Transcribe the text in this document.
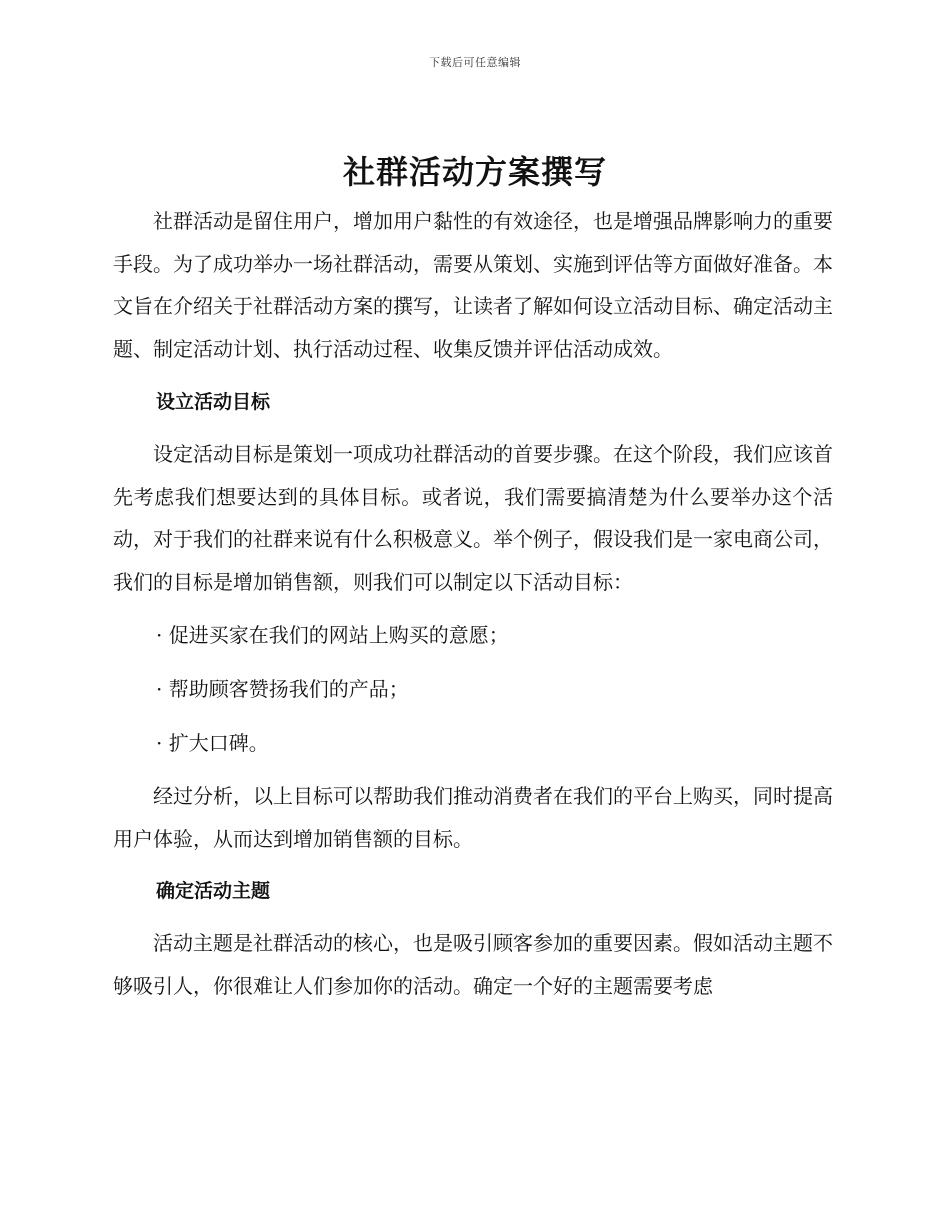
下载后可任意编辑
社群活动方案撰写

社群活动是留住用户，增加用户黏性的有效途径，也是增强品牌影响力的重要手段。为了成功举办一场社群活动，需要从策划、实施到评估等方面做好准备。本文旨在介绍关于社群活动方案的撰写，让读者了解如何设立活动目标、确定活动主题、制定活动计划、执行活动过程、收集反馈并评估活动成效。

设立活动目标

设定活动目标是策划一项成功社群活动的首要步骤。在这个阶段，我们应该首先考虑我们想要达到的具体目标。或者说，我们需要搞清楚为什么要举办这个活动，对于我们的社群来说有什么积极意义。举个例子，假设我们是一家电商公司，我们的目标是增加销售额，则我们可以制定以下活动目标：

· 促进买家在我们的网站上购买的意愿；
· 帮助顾客赞扬我们的产品；
· 扩大口碑。

经过分析，以上目标可以帮助我们推动消费者在我们的平台上购买，同时提高用户体验，从而达到增加销售额的目标。

确定活动主题

活动主题是社群活动的核心，也是吸引顾客参加的重要因素。假如活动主题不够吸引人，你很难让人们参加你的活动。确定一个好的主题需要考虑
